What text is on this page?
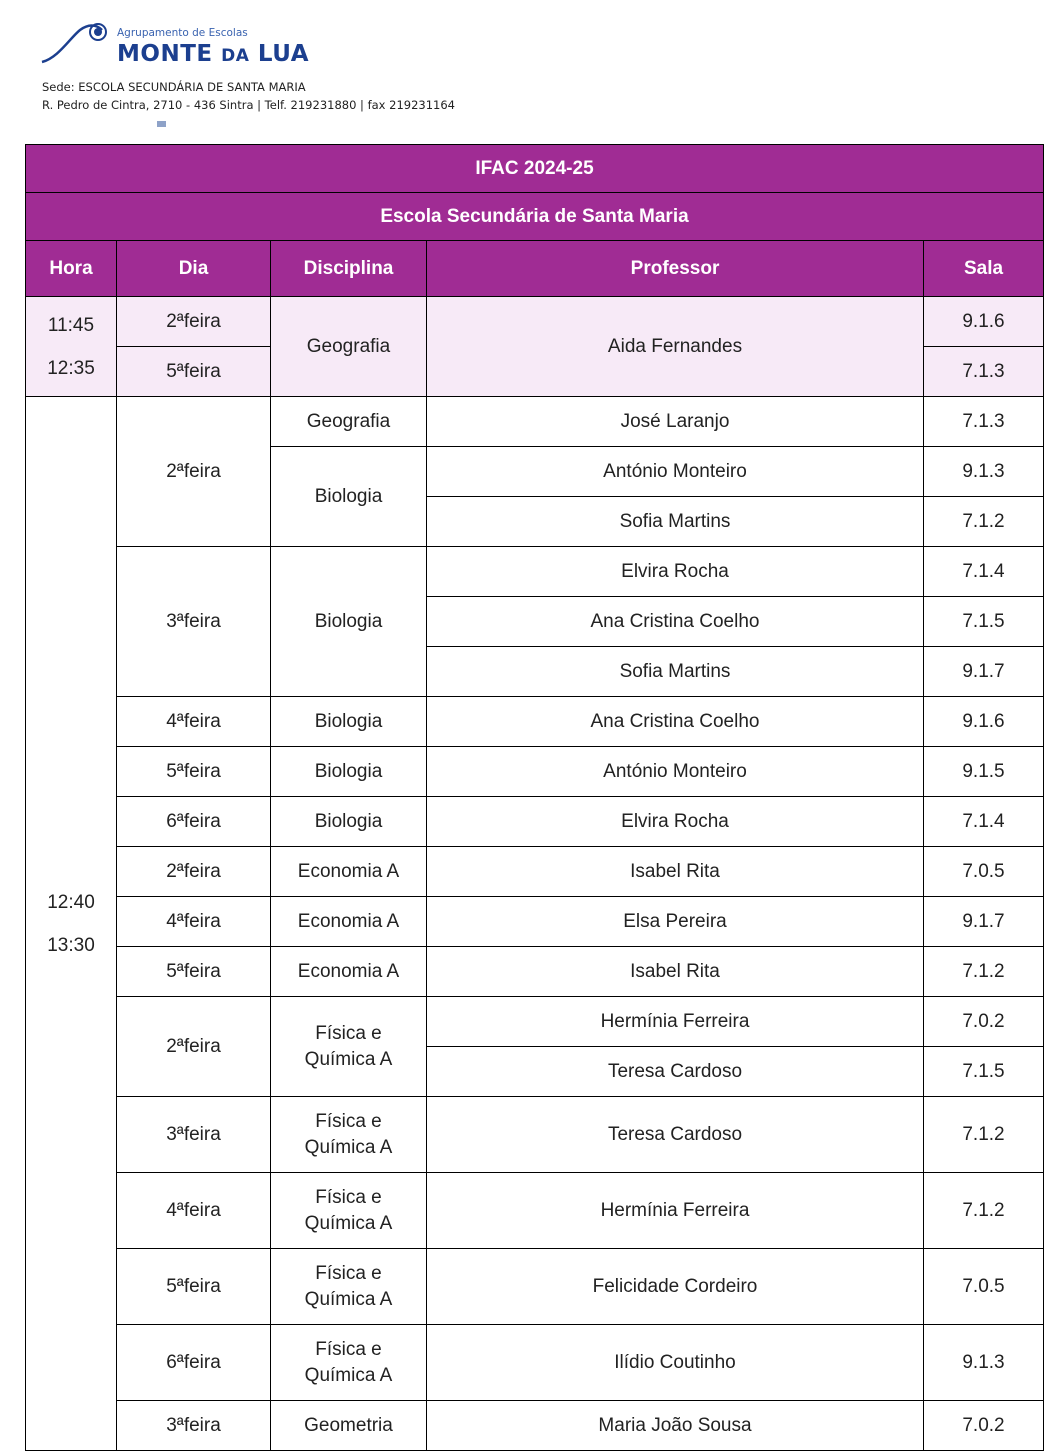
Agrupamento de Escolas
MONTE DA LUA
Sede: ESCOLA SECUNDÁRIA DE SANTA MARIA
R. Pedro de Cintra, 2710 - 436 Sintra | Telf. 219231880 | fax 219231164
IFAC 2024-25				
Escola Secundária de Santa Maria				
Hora	Dia	Disciplina	Professor	Sala

11:45
12:35	2ªfeira	Geografia	Aida Fernandes	9.1.6
	5ªfeira			7.1.3

12:40
13:30	2ªfeira	Geografia	José Laranjo	7.1.3
		Biologia	António Monteiro	9.1.3
			Sofia Martins	7.1.2
	3ªfeira	Biologia	Elvira Rocha	7.1.4
			Ana Cristina Coelho	7.1.5
			Sofia Martins	9.1.7
	4ªfeira	Biologia	Ana Cristina Coelho	9.1.6
	5ªfeira	Biologia	António Monteiro	9.1.5
	6ªfeira	Biologia	Elvira Rocha	7.1.4
	2ªfeira	Economia A	Isabel Rita	7.0.5
	4ªfeira	Economia A	Elsa Pereira	9.1.7
	5ªfeira	Economia A	Isabel Rita	7.1.2
	2ªfeira	Física e
Química A	Hermínia Ferreira	7.0.2
			Teresa Cardoso	7.1.5
	3ªfeira	Física e
Química A	Teresa Cardoso	7.1.2
	4ªfeira	Física e
Química A	Hermínia Ferreira	7.1.2
	5ªfeira	Física e
Química A	Felicidade Cordeiro	7.0.5
	6ªfeira	Física e
Química A	Ilídio Coutinho	9.1.3
	3ªfeira	Geometria	Maria João Sousa	7.0.2
